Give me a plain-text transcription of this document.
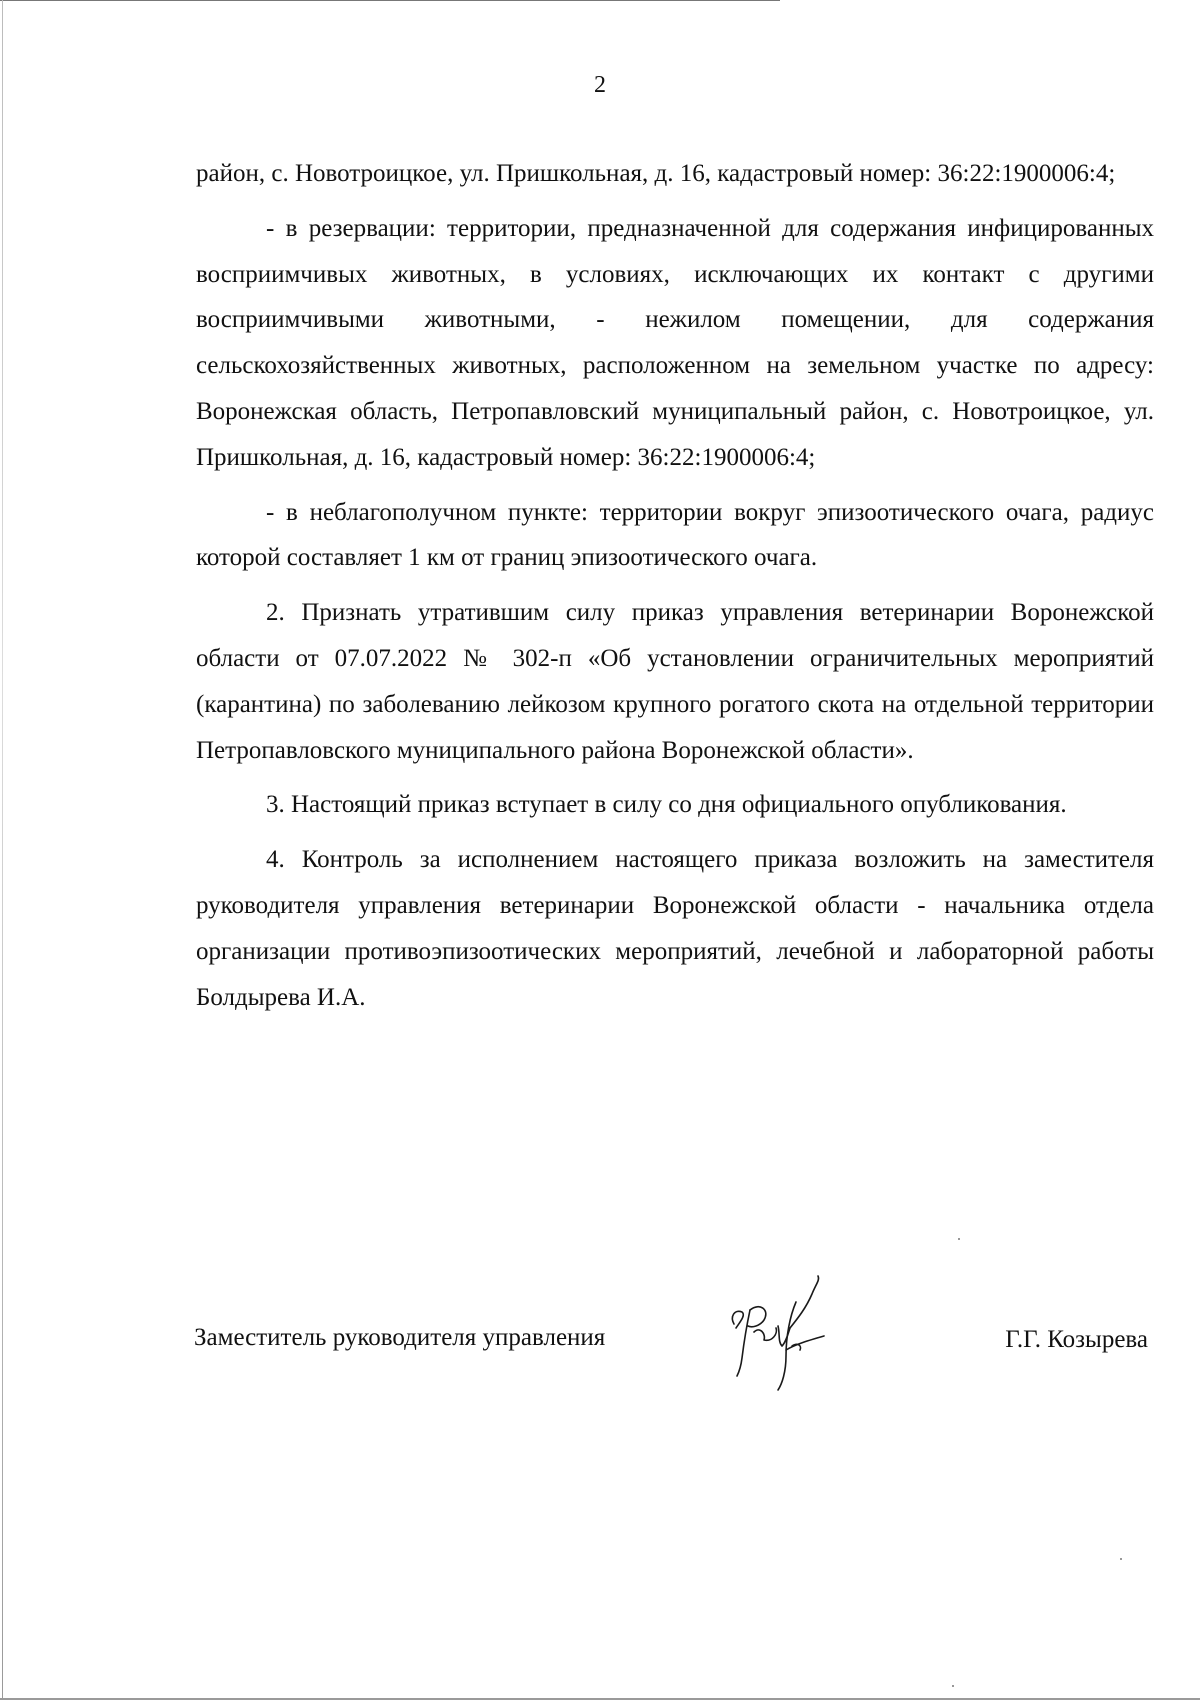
2

район, с. Новотроицкое, ул. Пришкольная, д. 16, кадастровый номер: 36:22:1900006:4;

- в резервации: территории, предназначенной для содержания инфицированных восприимчивых животных, в условиях, исключающих их контакт с другими восприимчивыми животными, - нежилом помещении, для содержания сельскохозяйственных животных, расположенном на земельном участке по адресу: Воронежская область, Петропавловский муниципальный район, с. Новотроицкое, ул. Пришкольная, д. 16, кадастровый номер: 36:22:1900006:4;

- в неблагополучном пункте: территории вокруг эпизоотического очага, радиус которой составляет 1 км от границ эпизоотического очага.

2. Признать утратившим силу приказ управления ветеринарии Воронежской области от 07.07.2022 № 302-п «Об установлении ограничительных мероприятий (карантина) по заболеванию лейкозом крупного рогатого скота на отдельной территории Петропавловского муниципального района Воронежской области».

3. Настоящий приказ вступает в силу со дня официального опубликования.

4. Контроль за исполнением настоящего приказа возложить на заместителя руководителя управления ветеринарии Воронежской области - начальника отдела организации противоэпизоотических мероприятий, лечебной и лабораторной работы Болдырева И.А.

Заместитель руководителя управления	Г.Г. Козырева
